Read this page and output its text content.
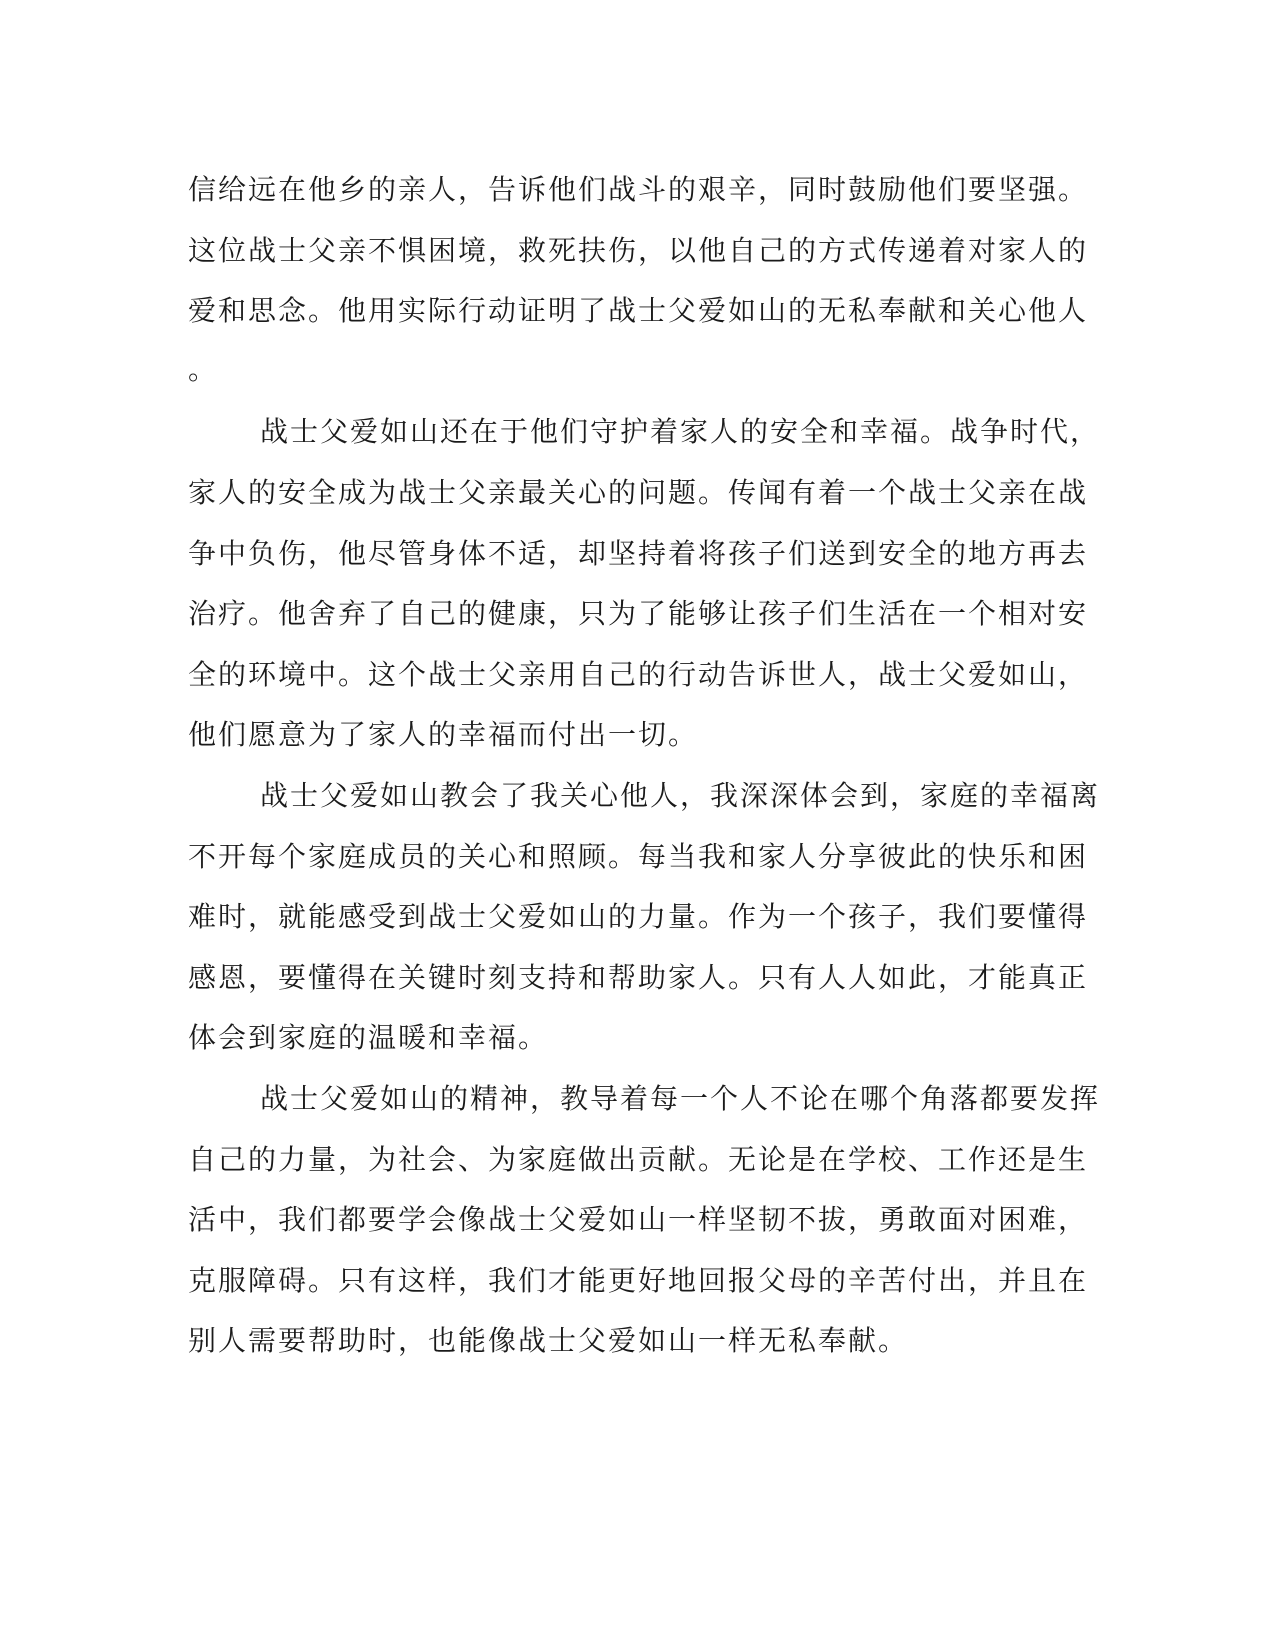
信给远在他乡的亲人，告诉他们战斗的艰辛，同时鼓励他们要坚强。
这位战士父亲不惧困境，救死扶伤，以他自己的方式传递着对家人的
爱和思念。他用实际行动证明了战士父爱如山的无私奉献和关心他人
。
战士父爱如山还在于他们守护着家人的安全和幸福。战争时代，
家人的安全成为战士父亲最关心的问题。传闻有着一个战士父亲在战
争中负伤，他尽管身体不适，却坚持着将孩子们送到安全的地方再去
治疗。他舍弃了自己的健康，只为了能够让孩子们生活在一个相对安
全的环境中。这个战士父亲用自己的行动告诉世人，战士父爱如山，
他们愿意为了家人的幸福而付出一切。
战士父爱如山教会了我关心他人，我深深体会到，家庭的幸福离
不开每个家庭成员的关心和照顾。每当我和家人分享彼此的快乐和困
难时，就能感受到战士父爱如山的力量。作为一个孩子，我们要懂得
感恩，要懂得在关键时刻支持和帮助家人。只有人人如此，才能真正
体会到家庭的温暖和幸福。
战士父爱如山的精神，教导着每一个人不论在哪个角落都要发挥
自己的力量，为社会、为家庭做出贡献。无论是在学校、工作还是生
活中，我们都要学会像战士父爱如山一样坚韧不拔，勇敢面对困难，
克服障碍。只有这样，我们才能更好地回报父母的辛苦付出，并且在
别人需要帮助时，也能像战士父爱如山一样无私奉献。
